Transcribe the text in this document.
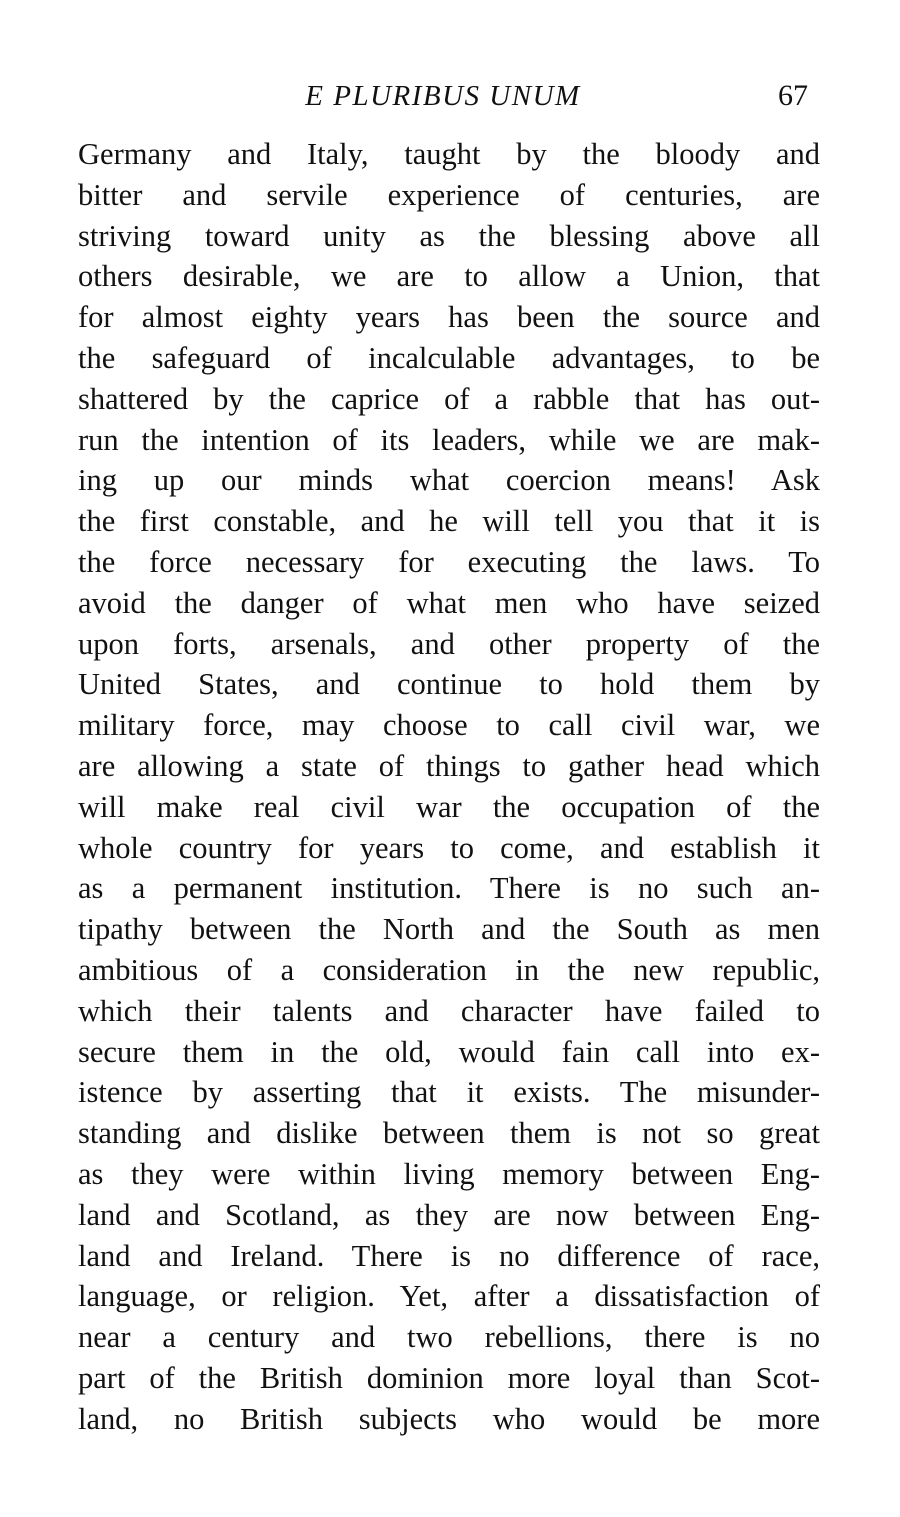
E PLURIBUS UNUM	67
Germany and Italy, taught by the bloody and
bitter and servile experience of centuries, are
striving toward unity as the blessing above all
others desirable, we are to allow a Union, that
for almost eighty years has been the source and
the safeguard of incalculable advantages, to be
shattered by the caprice of a rabble that has out-
run the intention of its leaders, while we are mak-
ing up our minds what coercion means! Ask
the first constable, and he will tell you that it is
the force necessary for executing the laws. To
avoid the danger of what men who have seized
upon forts, arsenals, and other property of the
United States, and continue to hold them by
military force, may choose to call civil war, we
are allowing a state of things to gather head which
will make real civil war the occupation of the
whole country for years to come, and establish it
as a permanent institution. There is no such an-
tipathy between the North and the South as men
ambitious of a consideration in the new republic,
which their talents and character have failed to
secure them in the old, would fain call into ex-
istence by asserting that it exists. The misunder-
standing and dislike between them is not so great
as they were within living memory between Eng-
land and Scotland, as they are now between Eng-
land and Ireland. There is no difference of race,
language, or religion. Yet, after a dissatisfaction of
near a century and two rebellions, there is no
part of the British dominion more loyal than Scot-
land, no British subjects who would be more
